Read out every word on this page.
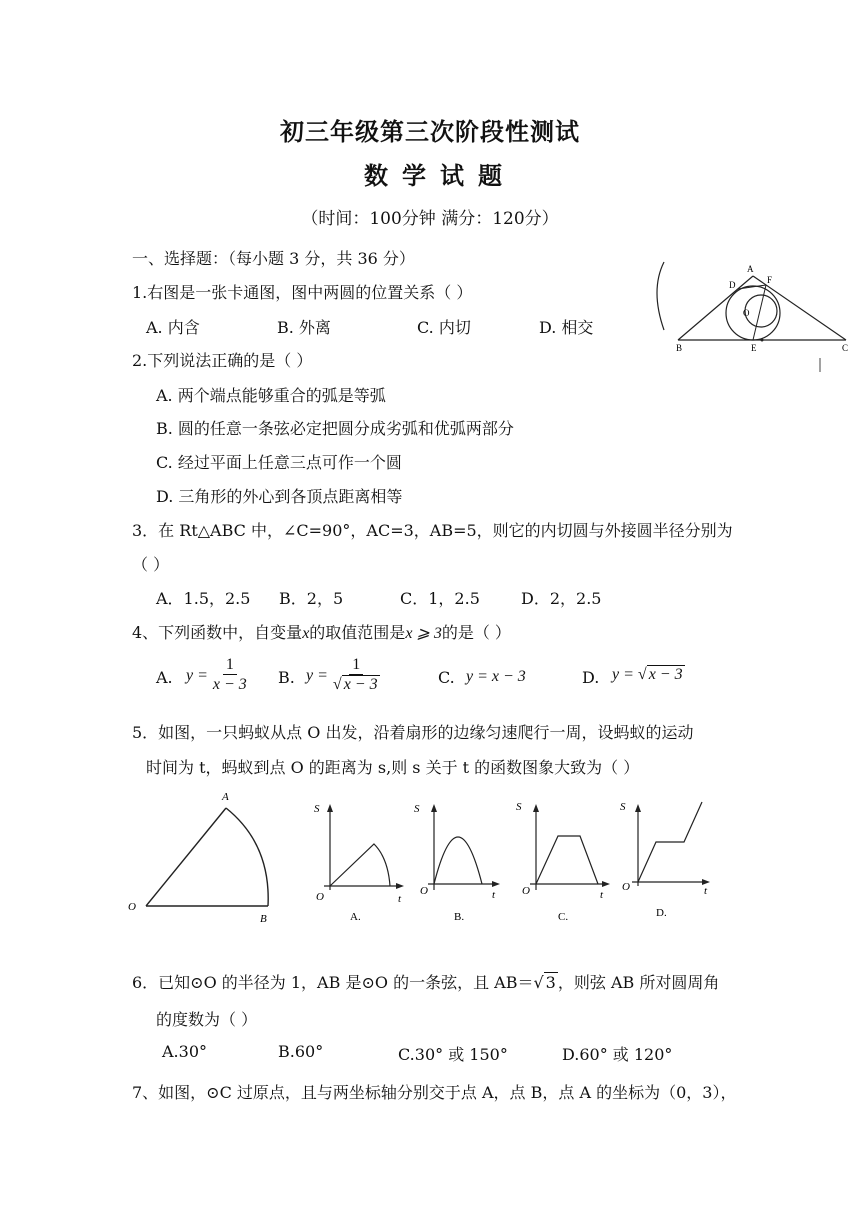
初三年级第三次阶段性测试
数学试题
（时间：100分钟 满分：120分）
一、选择题：（每小题 3 分，共 36 分）
1.右图是一张卡通图，图中两圆的位置关系（ ）
A. 内含	B. 外离	C. 内切	D. 相交
A
D	F
O
B	E	C
2.下列说法正确的是（ ）
A. 两个端点能够重合的弧是等弧
B. 圆的任意一条弦必定把圆分成劣弧和优弧两部分
C. 经过平面上任意三点可作一个圆
D. 三角形的外心到各顶点距离相等
3．在 Rt△ABC 中，∠C=90°，AC=3，AB=5，则它的内切圆与外接圆半径分别为
（ ）
A．1.5，2.5 B．2，5	C．1，2.5	D．2，2.5
4、下列函数中，自变量x的取值范围是x ⩾ 3的是（ ）
A. $y = \frac{1}{x - 3} B$. $y = \frac{1}{√ x - 3}$	C. y = x − 3	D. y = √ x − 3
5．如图，一只蚂蚁从点 O 出发，沿着扇形的边缘匀速爬行一周，设蚂蚁的运动
时间为 t，蚂蚁到点 O 的距离为 s,则 s 关于 t 的函数图象大致为（ ）
A
O
B
S
O	t
A.
S
O	t
B.
S
O	t
C.
S
O	t
D.
6．已知⊙O 的半径为 1，AB 是⊙O 的一条弦，且 AB＝√ 3 ，则弦 AB 所对圆周角
的度数为（ ）
A.30°	B.60°	C.30° 或 150°	D.60° 或 120°
7、如图，⊙C 过原点，且与两坐标轴分别交于点 A，点 B，点 A 的坐标为（0，3），
